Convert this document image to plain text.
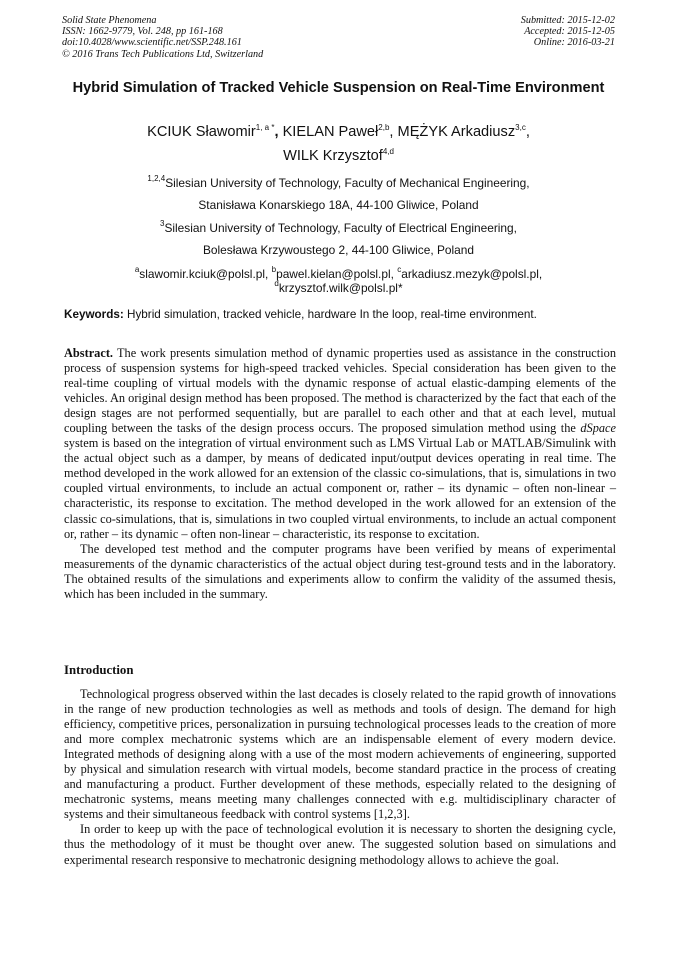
Solid State Phenomena
ISSN: 1662-9779, Vol. 248, pp 161-168
doi:10.4028/www.scientific.net/SSP.248.161
© 2016 Trans Tech Publications Ltd, Switzerland
Submitted: 2015-12-02
Accepted: 2015-12-05
Online: 2016-03-21
Hybrid Simulation of Tracked Vehicle Suspension on Real-Time Environment
KCIUK Sławomir$^{1, a *}$, KIELAN Paweł$^{2,b}$, MĘŻYK Arkadiusz$^{3,c}$,
WILK Krzysztof$^{4,d}$
$^{1,2,4}$Silesian University of Technology, Faculty of Mechanical Engineering,
Stanisława Konarskiego 18A, 44-100 Gliwice, Poland
$^3$Silesian University of Technology, Faculty of Electrical Engineering,
Bolesława Krzywoustego 2, 44-100 Gliwice, Poland
$^a$slawomir.kciuk@polsl.pl, $^b$pawel.kielan@polsl.pl, $^c$arkadiusz.mezyk@polsl.pl,
$^d$krzysztof.wilk@polsl.pl*
Keywords: Hybrid simulation, tracked vehicle, hardware In the loop, real-time environment.

Abstract. The work presents simulation method of dynamic properties used as assistance in the construction process of suspension systems for high-speed tracked vehicles. Special consideration has been given to the real-time coupling of virtual models with the dynamic response of actual elastic-damping elements of the vehicles. An original design method has been proposed. The method is characterized by the fact that each of the design stages are not performed sequentially, but are parallel to each other and that at each level, mutual coupling between the tasks of the design process occurs. The proposed simulation method using the dSpace system is based on the integration of virtual environment such as LMS Virtual Lab or MATLAB/Simulink with the actual object such as a damper, by means of dedicated input/output devices operating in real time. The method developed in the work allowed for an extension of the classic co-simulations, that is, simulations in two coupled virtual environments, to include an actual component or, rather – its dynamic – often non-linear – characteristic, its response to excitation. The method developed in the work allowed for an extension of the classic co-simulations, that is, simulations in two coupled virtual environments, to include an actual component or, rather – its dynamic – often non-linear – characteristic, its response to excitation.

The developed test method and the computer programs have been verified by means of experimental measurements of the dynamic characteristics of the actual object during test-ground tests and in the laboratory. The obtained results of the simulations and experiments allow to confirm the validity of the assumed thesis, which has been included in the summary.

Introduction

Technological progress observed within the last decades is closely related to the rapid growth of innovations in the range of new production technologies as well as methods and tools of design. The demand for high efficiency, competitive prices, personalization in pursuing technological processes leads to the creation of more and more complex mechatronic systems which are an indispensable element of every modern device. Integrated methods of designing along with a use of the most modern achievements of engineering, supported by physical and simulation research with virtual models, become standard practice in the process of creating and manufacturing a product. Further development of these methods, especially related to the designing of mechatronic systems, means meeting many challenges connected with e.g. multidisciplinary character of systems and their simultaneous feedback with control systems [1,2,3].

In order to keep up with the pace of technological evolution it is necessary to shorten the designing cycle, thus the methodology of it must be thought over anew. The suggested solution based on simulations and experimental research responsive to mechatronic designing methodology allows to achieve the goal.
